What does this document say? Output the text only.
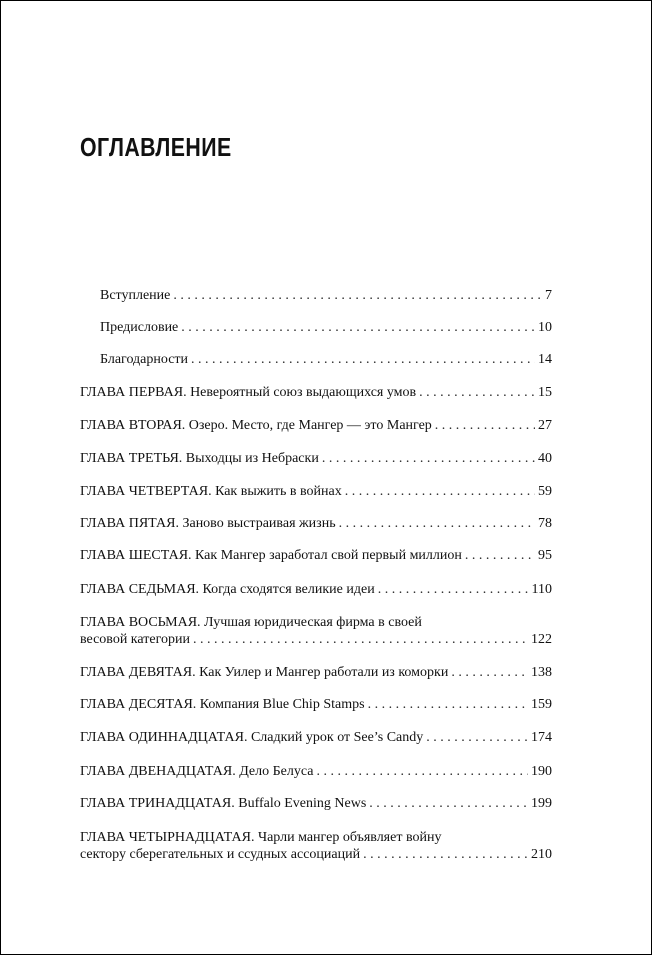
ОГЛАВЛЕНИЕ
Вступление . . .	7
Предисловие . . .	10
Благодарности . . .	14
ГЛАВА ПЕРВАЯ. Невероятный союз выдающихся умов . . .	15
ГЛАВА ВТОРАЯ. Озеро. Место, где Мангер — это Мангер . . .	27
ГЛАВА ТРЕТЬЯ. Выходцы из Небраски . . .	40
ГЛАВА ЧЕТВЕРТАЯ. Как выжить в войнах . . .	59
ГЛАВА ПЯТАЯ. Заново выстраивая жизнь . . .	78
ГЛАВА ШЕСТАЯ. Как Мангер заработал свой первый миллион . . .	95
ГЛАВА СЕДЬМАЯ. Когда сходятся великие идеи . . .	110
ГЛАВА ВОСЬМАЯ. Лучшая юридическая фирма в своей
весовой категории . . .	122
ГЛАВА ДЕВЯТАЯ. Как Уилер и Мангер работали из коморки . . .	138
ГЛАВА ДЕСЯТАЯ. Компания Blue Chip Stamps . . .	159
ГЛАВА ОДИННАДЦАТАЯ. Сладкий урок от See’s Candy . . .	174
ГЛАВА ДВЕНАДЦАТАЯ. Дело Белуса . . .	190
ГЛАВА ТРИНАДЦАТАЯ. Buffalo Evening News . . .	199
ГЛАВА ЧЕТЫРНАДЦАТАЯ. Чарли мангер объявляет войну
сектору сберегательных и ссудных ассоциаций . . .	210
